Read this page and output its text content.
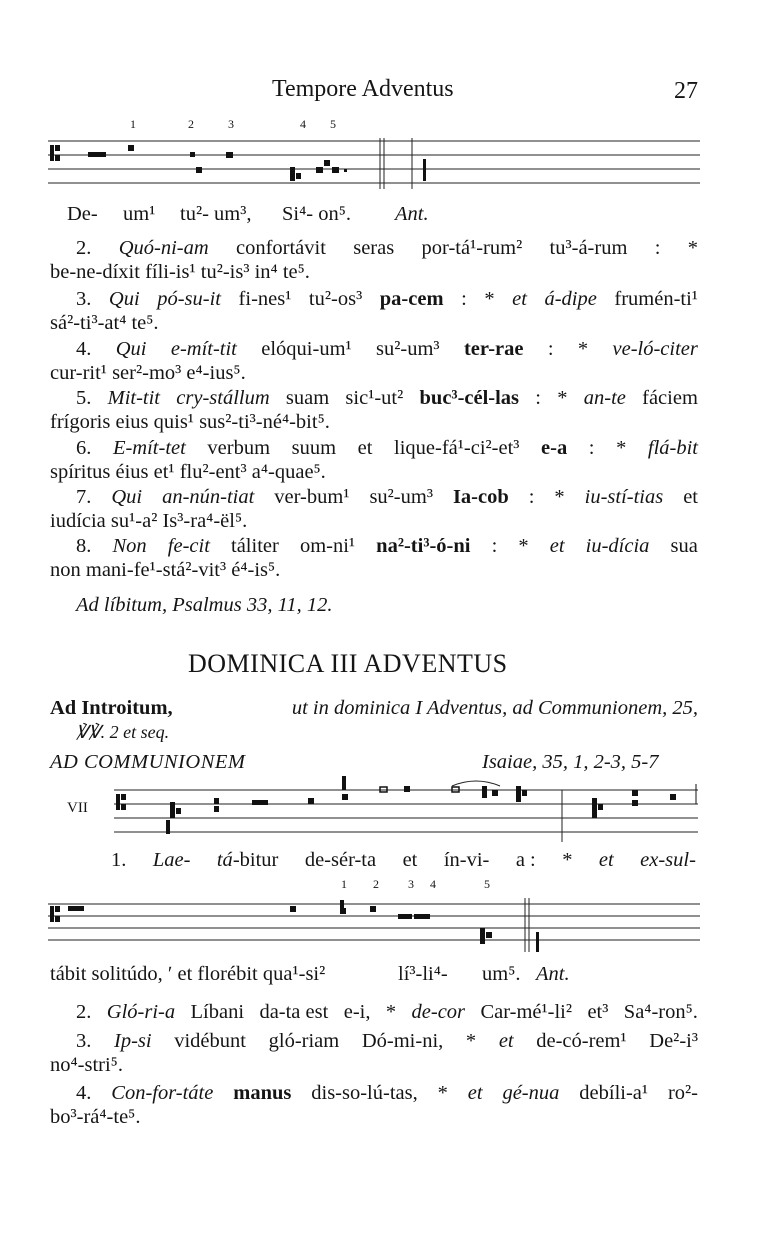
Tempore Adventus	27
1	2	3	4 5
De- um¹ tu²- um³, Si⁴- on⁵. Ant.
2. Quó-ni-am confortávit seras por-tá¹-rum² tu³-á-rum : *
be-ne-díxit fíli-is¹ tu²-is³ in⁴ te⁵.
3. Qui pó-su-it fi-nes¹ tu²-os³ pa-cem : * et á-dipe frumén-ti¹
sá²-ti³-at⁴ te⁵.
4. Qui e-mít-tit elóqui-um¹ su²-um³ ter-rae : * ve-ló-citer
cur-rit¹ ser²-mo³ e⁴-ius⁵.
5. Mit-tit cry-stállum suam sic¹-ut² buc³-cél-las : * an-te fáciem
frígoris eius quis¹ sus²-ti³-né⁴-bit⁵.
6. E-mít-tet verbum suum et lique-fá¹-ci²-et³ e-a : * flá-bit
spíritus éius et¹ flu²-ent³ a⁴-quae⁵.
7. Qui an-nún-tiat ver-bum¹ su²-um³ Ia-cob : * iu-stí-tias et
iudícia su¹-a² Is³-ra⁴-ël⁵.
8. Non fe-cit táliter om-ni¹ na²-ti³-ó-ni : * et iu-dícia sua
non mani-fe¹-stá²-vit³ é⁴-is⁵.
Ad líbitum, Psalmus 33, 11, 12.
DOMINICA III ADVENTUS
Ad Introitum,	ut in dominica I Adventus, ad Communionem, 25,
℣℣. 2 et seq.
AD COMMUNIONEM	Isaiae, 35, 1, 2-3, 5-7
VII
1. Lae- tá-bitur de-sér-ta et ín-vi- a : * et ex-sul-
1 2 3 4	5
tábit solitúdo, ʹ et florébit qua¹-si²	lí³-li⁴- um⁵. Ant.
2. Gló-ri-a Líbani da-ta est e-i, * de-cor Car-mé¹-li² et³ Sa⁴-ron⁵.
3. Ip-si vidébunt gló-riam Dó-mi-ni, * et de-có-rem¹ De²-i³
no⁴-stri⁵.
4. Con-for-táte manus dis-so-lú-tas, * et gé-nua debíli-a¹ ro²-
bo³-rá⁴-te⁵.
